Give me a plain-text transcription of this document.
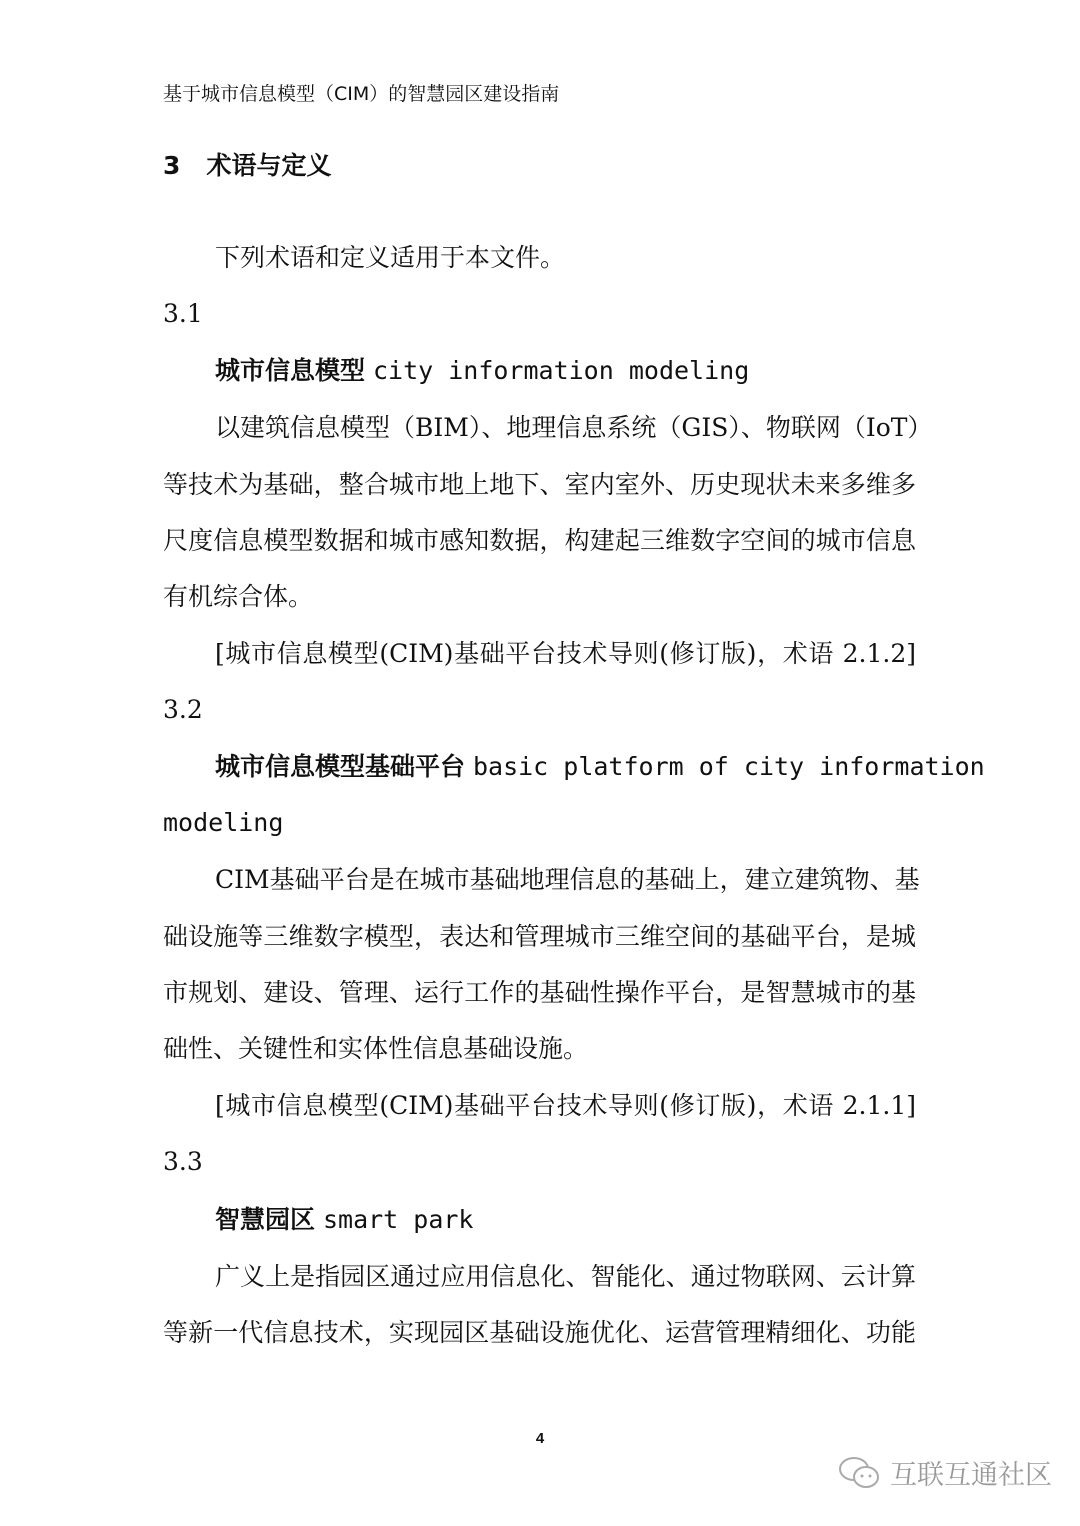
基于城市信息模型（CIM）的智慧园区建设指南
3 术语与定义
下列术语和定义适用于本文件。
3.1
城市信息模型 city information modeling
以建筑信息模型（BIM）、地理信息系统（GIS）、物联网（IoT）
等技术为基础，整合城市地上地下、室内室外、历史现状未来多维多
尺度信息模型数据和城市感知数据，构建起三维数字空间的城市信息
有机综合体。
[城市信息模型(CIM)基础平台技术导则(修订版)，术语 2.1.2]
3.2
城市信息模型基础平台 basic platform of city information
modeling
CIM基础平台是在城市基础地理信息的基础上，建立建筑物、基
础设施等三维数字模型，表达和管理城市三维空间的基础平台，是城
市规划、建设、管理、运行工作的基础性操作平台，是智慧城市的基
础性、关键性和实体性信息基础设施。
[城市信息模型(CIM)基础平台技术导则(修订版)，术语 2.1.1]
3.3
智慧园区 smart park
广义上是指园区通过应用信息化、智能化、通过物联网、云计算
等新一代信息技术，实现园区基础设施优化、运营管理精细化、功能
4
互联互通社区
